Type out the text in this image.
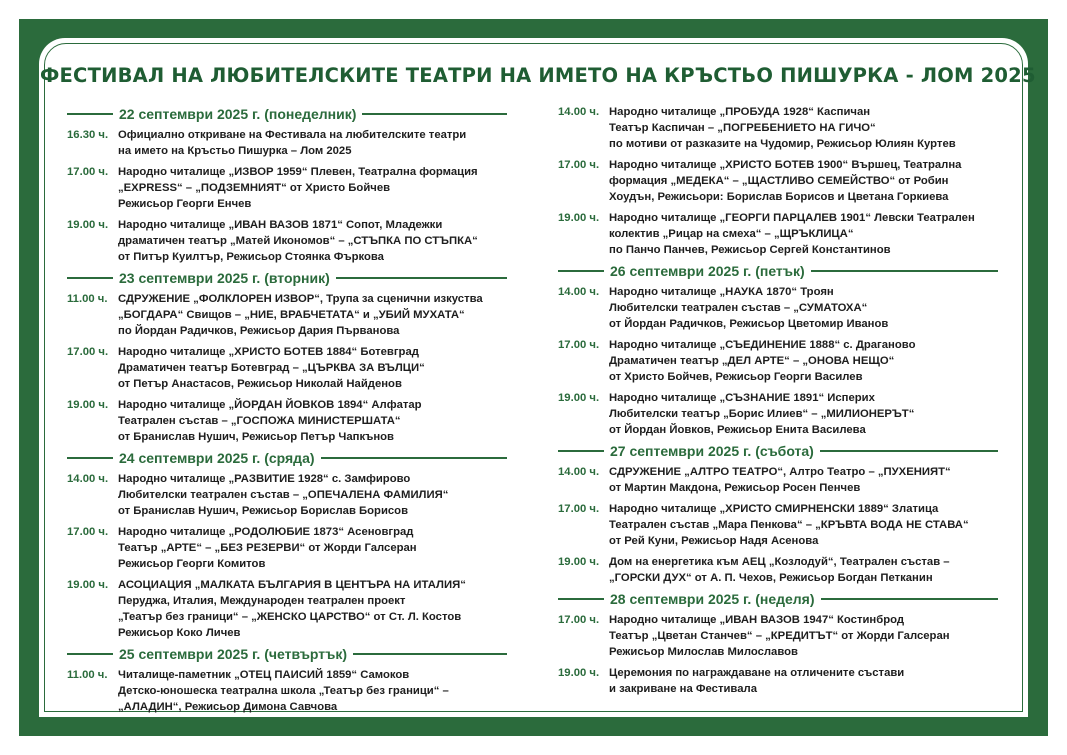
ФЕСТИВАЛ НА ЛЮБИТЕЛСКИТЕ ТЕАТРИ НА ИМЕТО НА КРЪСТЬО ПИШУРКА - ЛОМ 2025
22 септември 2025 г. (понеделник)
16.30 ч. Официално откриване на Фестивала на любителските театри
на името на Кръстьо Пишурка – Лом 2025
17.00 ч. Народно читалище „ИЗВОР 1959“ Плевен, Театрална формация
„EXPRESS“ – „ПОДЗЕМНИЯТ“ от Христо Бойчев
Режисьор Георги Енчев
19.00 ч. Народно читалище „ИВАН ВАЗОВ 1871“ Сопот, Младежки
драматичен театър „Матей Икономов“ – „СТЪПКА ПО СТЪПКА“
от Питър Куилтър, Режисьор Стоянка Фъркова
23 септември 2025 г. (вторник)
11.00 ч. СДРУЖЕНИЕ „ФОЛКЛОРЕН ИЗВОР“, Трупа за сценични изкуства
„БОГДАРА“ Свищов – „НИЕ, ВРАБЧЕТАТА“ и „УБИЙ МУХАТА“
по Йордан Радичков, Режисьор Дария Първанова
17.00 ч. Народно читалище „ХРИСТО БОТЕВ 1884“ Ботевград
Драматичен театър Ботевград – „ЦЪРКВА ЗА ВЪЛЦИ“
от Петър Анастасов, Режисьор Николай Найденов
19.00 ч. Народно читалище „ЙОРДАН ЙОВКОВ 1894“ Алфатар
Театрален състав – „ГОСПОЖА МИНИСТЕРШАТА“
от Бранислав Нушич, Режисьор Петър Чапкънов
24 септември 2025 г. (сряда)
14.00 ч. Народно читалище „РАЗВИТИЕ 1928“ с. Замфирово
Любителски театрален състав – „ОПЕЧАЛЕНА ФАМИЛИЯ“
от Бранислав Нушич, Режисьор Борислав Борисов
17.00 ч. Народно читалище „РОДОЛЮБИЕ 1873“ Асеновград
Театър „АРТЕ“ – „БЕЗ РЕЗЕРВИ“ от Жорди Галсеран
Режисьор Георги Комитов
19.00 ч. АСОЦИАЦИЯ „МАЛКАТА БЪЛГАРИЯ В ЦЕНТЪРА НА ИТАЛИЯ“
Перуджа, Италия, Международен театрален проект
„Театър без граници“ – „ЖЕНСКО ЦАРСТВО“ от Ст. Л. Костов
Режисьор Коко Личев
25 септември 2025 г. (четвъртък)
11.00 ч. Читалище-паметник „ОТЕЦ ПАИСИЙ 1859“ Самоков
Детско-юношеска театрална школа „Театър без граници“ –
„АЛАДИН“, Режисьор Димона Савчова
14.00 ч. Народно читалище „ПРОБУДА 1928“ Каспичан
Театър Каспичан – „ПОГРЕБЕНИЕТО НА ГИЧО“
по мотиви от разказите на Чудомир, Режисьор Юлиян Куртев
17.00 ч. Народно читалище „ХРИСТО БОТЕВ 1900“ Вършец, Театрална
формация „МЕДЕКА“ – „ЩАСТЛИВО СЕМЕЙСТВО“ от Робин
Хоудън, Режисьори: Борислав Борисов и Цветана Горкиева
19.00 ч. Народно читалище „ГЕОРГИ ПАРЦАЛЕВ 1901“ Левски Театрален
колектив „Рицар на смеха“ – „ЩРЪКЛИЦА“
по Панчо Панчев, Режисьор Сергей Константинов
26 септември 2025 г. (петък)
14.00 ч. Народно читалище „НАУКА 1870“ Троян
Любителски театрален състав – „СУМАТОХА“
от Йордан Радичков, Режисьор Цветомир Иванов
17.00 ч. Народно читалище „СЪЕДИНЕНИЕ 1888“ с. Драганово
Драматичен театър „ДЕЛ АРТЕ“ – „ОНОВА НЕЩО“
от Христо Бойчев, Режисьор Георги Василев
19.00 ч. Народно читалище „СЪЗНАНИЕ 1891“ Исперих
Любителски театър „Борис Илиев“ – „МИЛИОНЕРЪТ“
от Йордан Йовков, Режисьор Енита Василева
27 септември 2025 г. (събота)
14.00 ч. СДРУЖЕНИЕ „АЛТРО ТЕАТРО“, Алтро Театро – „ПУХЕНИЯТ“
от Мартин Макдона, Режисьор Росен Пенчев
17.00 ч. Народно читалище „ХРИСТО СМИРНЕНСКИ 1889“ Златица
Театрален състав „Мара Пенкова“ – „КРЪВТА ВОДА НЕ СТАВА“
от Рей Куни, Режисьор Надя Асенова
19.00 ч. Дом на енергетика към АЕЦ „Козлодуй“, Театрален състав –
„ГОРСКИ ДУХ“ от А. П. Чехов, Режисьор Богдан Петканин
28 септември 2025 г. (неделя)
17.00 ч. Народно читалище „ИВАН ВАЗОВ 1947“ Костинброд
Театър „Цветан Станчев“ – „КРЕДИТЪТ“ от Жорди Галсеран
Режисьор Милослав Милославов
19.00 ч. Церемония по награждаване на отличените състави
и закриване на Фестивала
